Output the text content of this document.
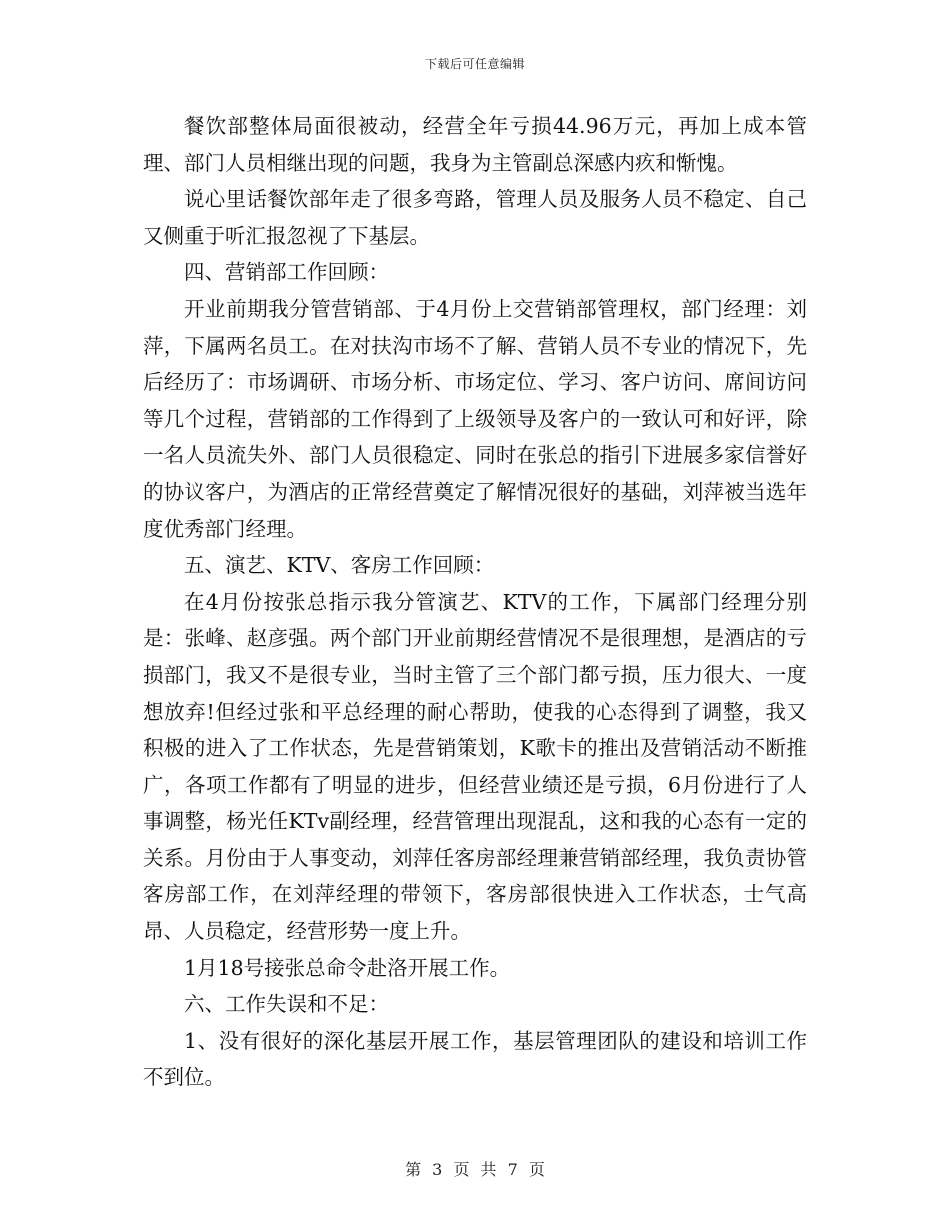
下载后可任意编辑

餐饮部整体局面很被动，经营全年亏损44.96万元，再加上成本管理、部门人员相继出现的问题，我身为主管副总深感内疚和惭愧。

说心里话餐饮部年走了很多弯路，管理人员及服务人员不稳定、自己又侧重于听汇报忽视了下基层。

四、营销部工作回顾：

开业前期我分管营销部、于4月份上交营销部管理权，部门经理：刘萍，下属两名员工。在对扶沟市场不了解、营销人员不专业的情况下，先后经历了：市场调研、市场分析、市场定位、学习、客户访问、席间访问等几个过程，营销部的工作得到了上级领导及客户的一致认可和好评，除一名人员流失外、部门人员很稳定、同时在张总的指引下进展多家信誉好的协议客户，为酒店的正常经营奠定了解情况很好的基础，刘萍被当选年度优秀部门经理。

五、演艺、KTV、客房工作回顾：

在4月份按张总指示我分管演艺、KTV的工作，下属部门经理分别是：张峰、赵彦强。两个部门开业前期经营情况不是很理想，是酒店的亏损部门，我又不是很专业，当时主管了三个部门都亏损，压力很大、一度想放弃!但经过张和平总经理的耐心帮助，使我的心态得到了调整，我又积极的进入了工作状态，先是营销策划，K歌卡的推出及营销活动不断推广，各项工作都有了明显的进步，但经营业绩还是亏损，6月份进行了人事调整，杨光任KTv副经理，经营管理出现混乱，这和我的心态有一定的关系。月份由于人事变动，刘萍任客房部经理兼营销部经理，我负责协管客房部工作，在刘萍经理的带领下，客房部很快进入工作状态，士气高昂、人员稳定，经营形势一度上升。

1月18号接张总命令赴洛开展工作。

六、工作失误和不足：

1、没有很好的深化基层开展工作，基层管理团队的建设和培训工作不到位。

第 3 页 共 7 页
